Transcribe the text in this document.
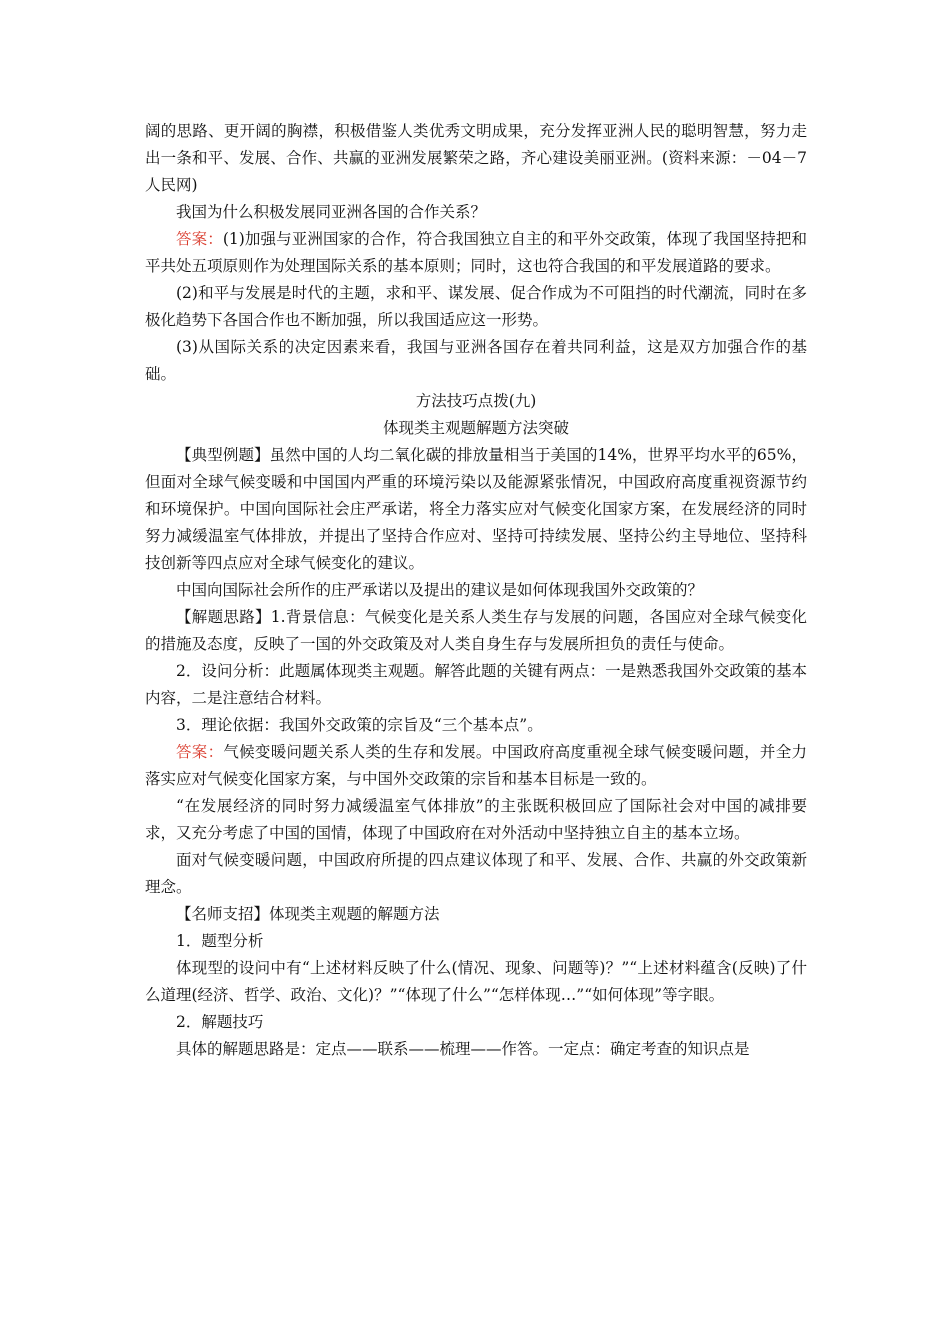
阔的思路、更开阔的胸襟，积极借鉴人类优秀文明成果，充分发挥亚洲人民的聪明智慧，努力走出一条和平、发展、合作、共赢的亚洲发展繁荣之路，齐心建设美丽亚洲。(资料来源：－04－7 人民网)

我国为什么积极发展同亚洲各国的合作关系？

答案：(1)加强与亚洲国家的合作，符合我国独立自主的和平外交政策，体现了我国坚持把和平共处五项原则作为处理国际关系的基本原则；同时，这也符合我国的和平发展道路的要求。

(2)和平与发展是时代的主题，求和平、谋发展、促合作成为不可阻挡的时代潮流，同时在多极化趋势下各国合作也不断加强，所以我国适应这一形势。

(3)从国际关系的决定因素来看，我国与亚洲各国存在着共同利益，这是双方加强合作的基础。

方法技巧点拨(九)

体现类主观题解题方法突破

【典型例题】虽然中国的人均二氧化碳的排放量相当于美国的14%，世界平均水平的65%，但面对全球气候变暖和中国国内严重的环境污染以及能源紧张情况，中国政府高度重视资源节约和环境保护。中国向国际社会庄严承诺，将全力落实应对气候变化国家方案，在发展经济的同时努力减缓温室气体排放，并提出了坚持合作应对、坚持可持续发展、坚持公约主导地位、坚持科技创新等四点应对全球气候变化的建议。

中国向国际社会所作的庄严承诺以及提出的建议是如何体现我国外交政策的？

【解题思路】1.背景信息：气候变化是关系人类生存与发展的问题，各国应对全球气候变化的措施及态度，反映了一国的外交政策及对人类自身生存与发展所担负的责任与使命。

2．设问分析：此题属体现类主观题。解答此题的关键有两点：一是熟悉我国外交政策的基本内容，二是注意结合材料。

3．理论依据：我国外交政策的宗旨及“三个基本点”。

答案：气候变暖问题关系人类的生存和发展。中国政府高度重视全球气候变暖问题，并全力落实应对气候变化国家方案，与中国外交政策的宗旨和基本目标是一致的。

“在发展经济的同时努力减缓温室气体排放”的主张既积极回应了国际社会对中国的减排要求，又充分考虑了中国的国情，体现了中国政府在对外活动中坚持独立自主的基本立场。

面对气候变暖问题，中国政府所提的四点建议体现了和平、发展、合作、共赢的外交政策新理念。

【名师支招】体现类主观题的解题方法

1．题型分析

体现型的设问中有“上述材料反映了什么(情况、现象、问题等)？”“上述材料蕴含(反映)了什么道理(经济、哲学、政治、文化)？”“体现了什么”“怎样体现…”“如何体现”等字眼。

2．解题技巧

具体的解题思路是：定点——联系——梳理——作答。一定点：确定考查的知识点是
